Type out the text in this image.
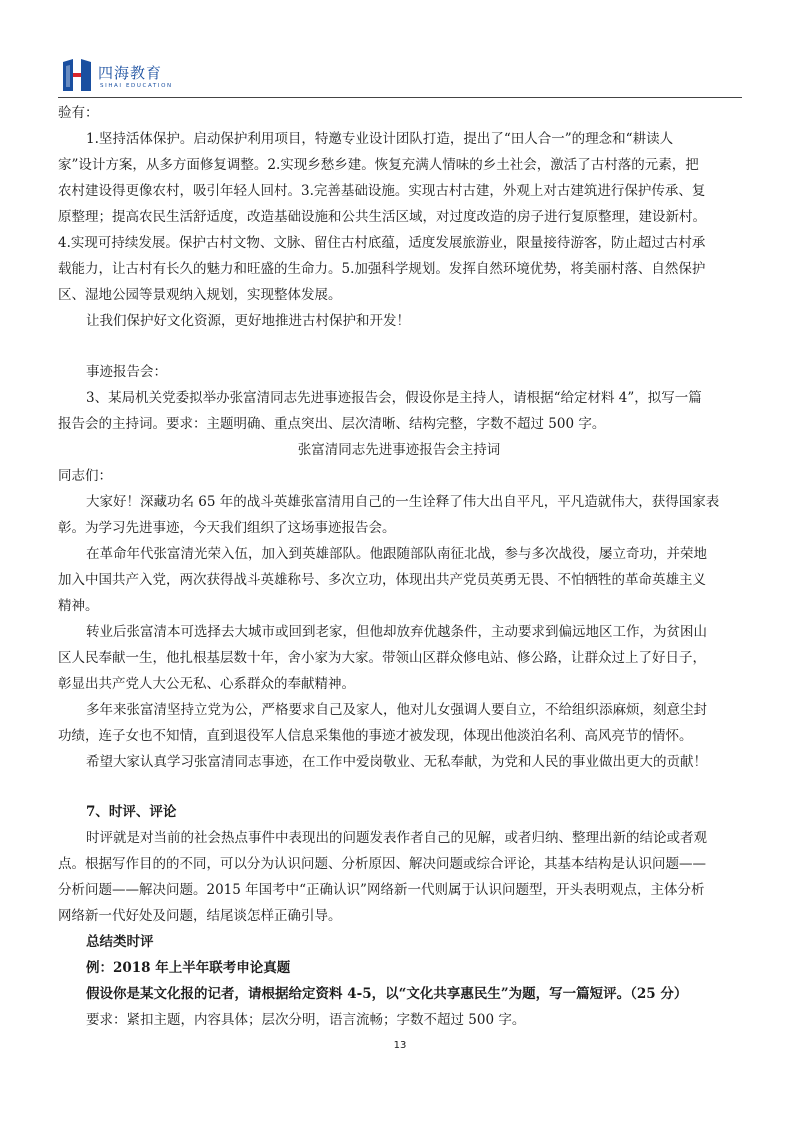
四海教育
SIHAI EDUCATION
验有：
1.坚持活体保护。启动保护利用项目，特邀专业设计团队打造，提出了“田人合一”的理念和“耕读人
家”设计方案，从多方面修复调整。2.实现乡愁乡建。恢复充满人情味的乡土社会，激活了古村落的元素，把
农村建设得更像农村，吸引年轻人回村。3.完善基础设施。实现古村古建，外观上对古建筑进行保护传承、复
原整理；提高农民生活舒适度，改造基础设施和公共生活区域，对过度改造的房子进行复原整理，建设新村。
4.实现可持续发展。保护古村文物、文脉、留住古村底蕴，适度发展旅游业，限量接待游客，防止超过古村承
载能力，让古村有长久的魅力和旺盛的生命力。5.加强科学规划。发挥自然环境优势，将美丽村落、自然保护
区、湿地公园等景观纳入规划，实现整体发展。
让我们保护好文化资源，更好地推进古村保护和开发！
事迹报告会：
3、某局机关党委拟举办张富清同志先进事迹报告会，假设你是主持人，请根据“给定材料 4”，拟写一篇
报告会的主持词。要求：主题明确、重点突出、层次清晰、结构完整，字数不超过 500 字。
张富清同志先进事迹报告会主持词
同志们：
大家好！深藏功名 65 年的战斗英雄张富清用自己的一生诠释了伟大出自平凡，平凡造就伟大，获得国家表
彰。为学习先进事迹，今天我们组织了这场事迹报告会。
在革命年代张富清光荣入伍，加入到英雄部队。他跟随部队南征北战，参与多次战役，屡立奇功，并荣地
加入中国共产入党，两次获得战斗英雄称号、多次立功，体现出共产党员英勇无畏、不怕牺牲的革命英雄主义
精神。
转业后张富清本可选择去大城市或回到老家，但他却放弃优越条件，主动要求到偏远地区工作，为贫困山
区人民奉献一生，他扎根基层数十年，舍小家为大家。带领山区群众修电站、修公路，让群众过上了好日子，
彰显出共产党人大公无私、心系群众的奉献精神。
多年来张富清坚持立党为公，严格要求自己及家人，他对儿女强调人要自立，不给组织添麻烦，刻意尘封
功绩，连子女也不知情，直到退役军人信息采集他的事迹才被发现，体现出他淡泊名利、高风亮节的情怀。
希望大家认真学习张富清同志事迹，在工作中爱岗敬业、无私奉献，为党和人民的事业做出更大的贡献！
7、时评、评论
时评就是对当前的社会热点事件中表现出的问题发表作者自己的见解，或者归纳、整理出新的结论或者观
点。根据写作目的的不同，可以分为认识问题、分析原因、解决问题或综合评论，其基本结构是认识问题——
分析问题——解决问题。2015 年国考中“正确认识”网络新一代则属于认识问题型，开头表明观点，主体分析
网络新一代好处及问题，结尾谈怎样正确引导。
总结类时评
例：2018 年上半年联考申论真题
假设你是某文化报的记者，请根据给定资料 4-5，以“文化共享惠民生”为题，写一篇短评。（25 分）
要求：紧扣主题，内容具体；层次分明，语言流畅；字数不超过 500 字。
13
